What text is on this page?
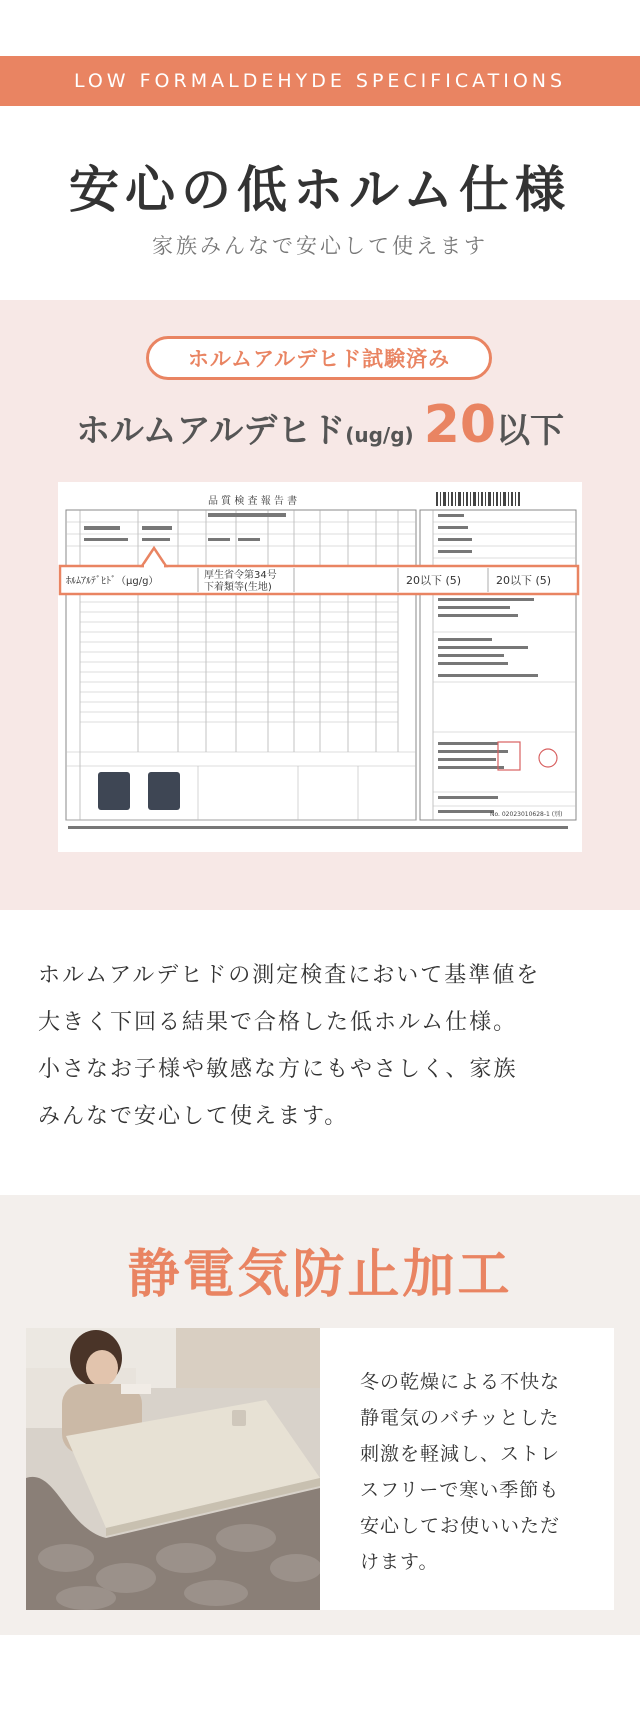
LOW FORMALDEHYDE SPECIFICATIONS
安心の低ホルム仕様
家族みんなで安心して使えます
ホルムアルデヒド試験済み
ホルムアルデヒド(ug/g) 20以下
品 質 検 査 報 告 書
No. 02023010628-1 (別)
ﾎﾙﾑｱﾙﾃﾞﾋﾄﾞ（μg/g）
厚生省令第34号
下着類等(生地)
20以下 (5)	20以下 (5)

ホルムアルデヒドの測定検査において基準値を

大きく下回る結果で合格した低ホルム仕様。

小さなお子様や敏感な方にもやさしく、家族

みんなで安心して使えます。

静電気防止加工

冬の乾燥による不快な

静電気のバチッとした

刺激を軽減し、ストレ

スフリーで寒い季節も

安心してお使いいただ

けます。
